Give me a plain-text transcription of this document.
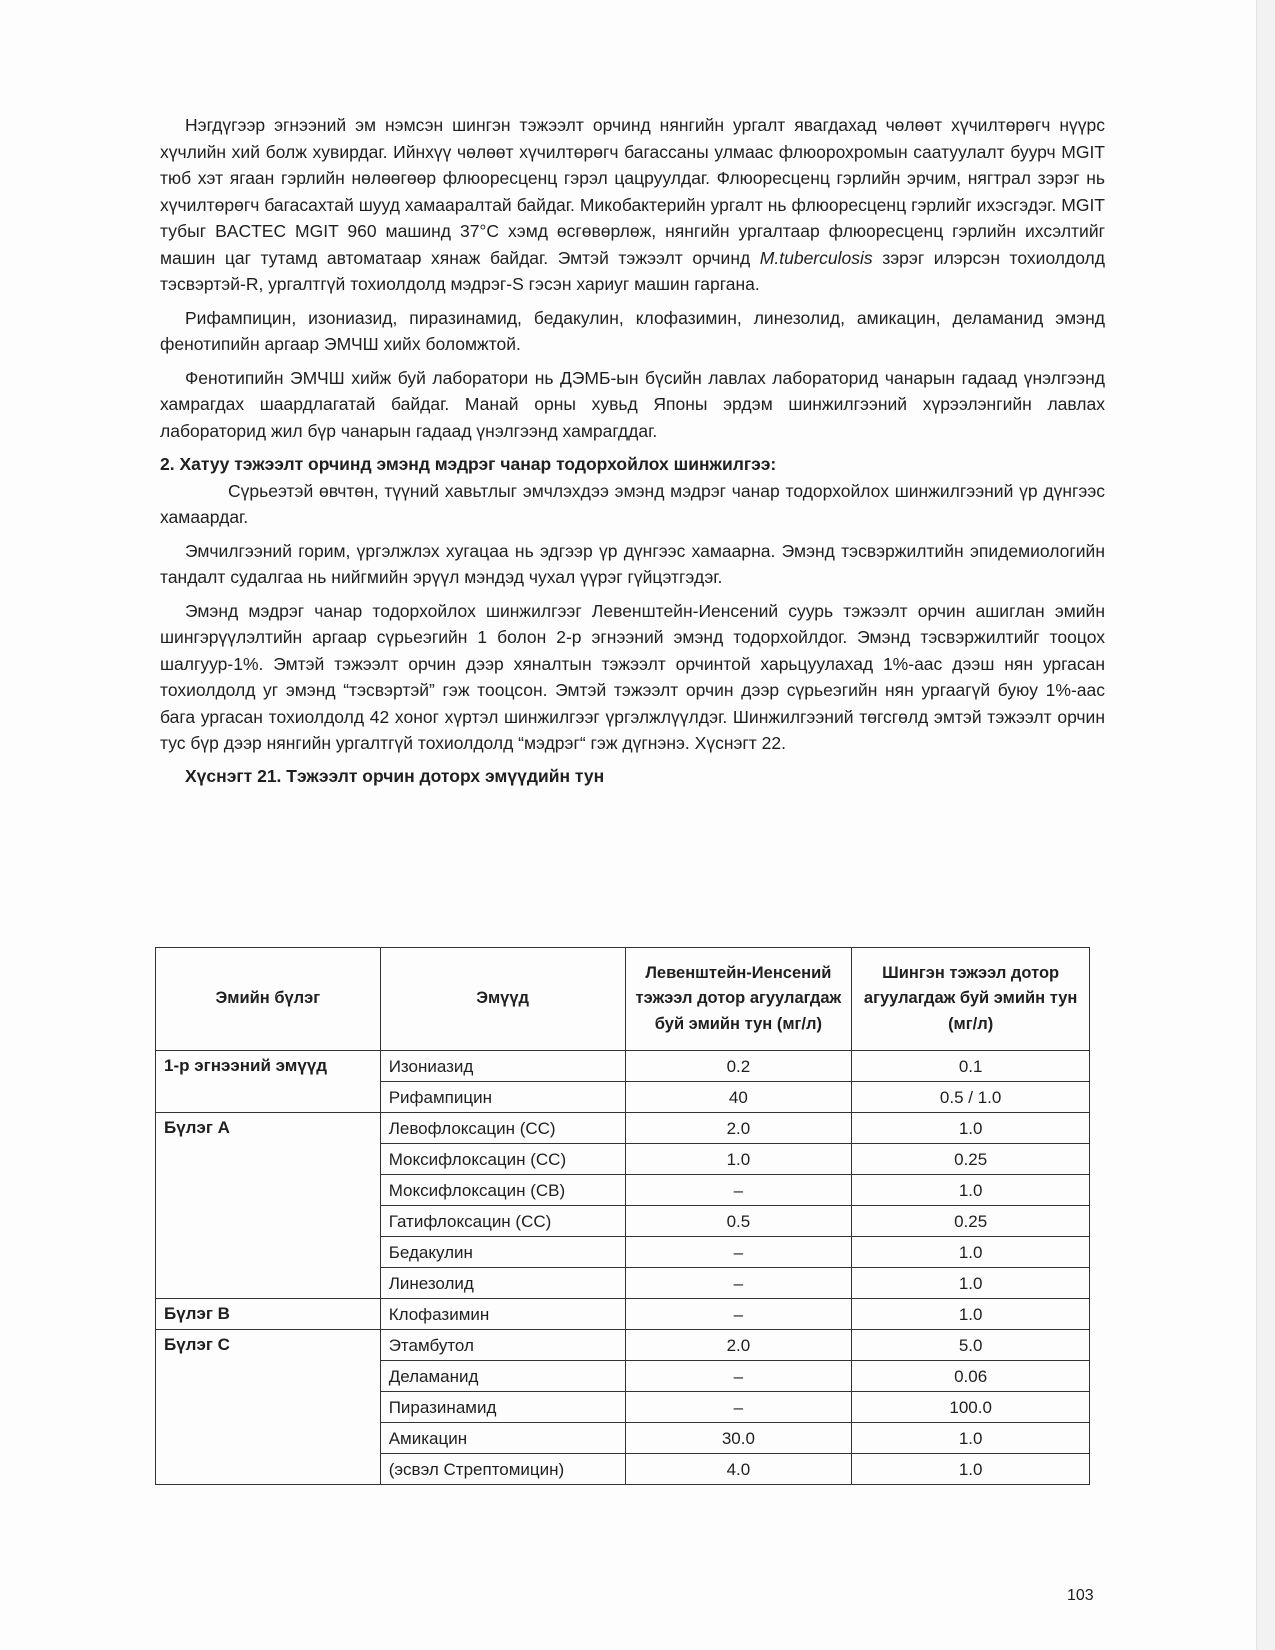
Нэгдүгээр эгнээний эм нэмсэн шингэн тэжээлт орчинд нянгийн ургалт явагдахад чөлөөт хүчилтөрөгч нүүрс хүчлийн хий болж хувирдаг. Ийнхүү чөлөөт хүчилтөрөгч багассаны улмаас флюорохромын саатуулалт буурч MGIT тюб хэт ягаан гэрлийн нөлөөгөөр флюоресценц гэрэл цацруулдаг. Флюоресценц гэрлийн эрчим, нягтрал зэрэг нь хүчилтөрөгч багасахтай шууд хамааралтай байдаг. Микобактерийн ургалт нь флюоресценц гэрлийг ихэсгэдэг. MGIT тубыг BACTEC MGIT 960 машинд 37°С хэмд өсгөвөрлөж, нянгийн ургалтаар флюоресценц гэрлийн ихсэлтийг машин цаг тутамд автоматаар хянаж байдаг. Эмтэй тэжээлт орчинд M.tuberculosis зэрэг илэрсэн тохиолдолд тэсвэртэй-R, ургалтгүй тохиолдолд мэдрэг-S гэсэн хариуг машин гаргана.

Рифампицин, изониазид, пиразинамид, бедакулин, клофазимин, линезолид, амикацин, деламанид эмэнд фенотипийн аргаар ЭМЧШ хийх боломжтой.

Фенотипийн ЭМЧШ хийж буй лаборатори нь ДЭМБ-ын бүсийн лавлах лабораторид чанарын гадаад үнэлгээнд хамрагдах шаардлагатай байдаг. Манай орны хувьд Японы эрдэм шинжилгээний хүрээлэнгийн лавлах лабораторид жил бүр чанарын гадаад үнэлгээнд хамрагддаг.

2. Хатуу тэжээлт орчинд эмэнд мэдрэг чанар тодорхойлох шинжилгээ:

Сүрьеэтэй өвчтөн, түүний хавьтлыг эмчлэхдээ эмэнд мэдрэг чанар тодорхойлох шинжилгээний үр дүнгээс хамаардаг.

Эмчилгээний горим, үргэлжлэх хугацаа нь эдгээр үр дүнгээс хамаарна. Эмэнд тэсвэржилтийн эпидемиологийн тандалт судалгаа нь нийгмийн эрүүл мэндэд чухал үүрэг гүйцэтгэдэг.

Эмэнд мэдрэг чанар тодорхойлох шинжилгээг Левенштейн-Иенсений суурь тэжээлт орчин ашиглан эмийн шингэрүүлэлтийн аргаар сүрьеэгийн 1 болон 2-р эгнээний эмэнд тодорхойлдог. Эмэнд тэсвэржилтийг тооцох шалгуур-1%. Эмтэй тэжээлт орчин дээр хяналтын тэжээлт орчинтой харьцуулахад 1%-аас дээш нян ургасан тохиолдолд уг эмэнд “тэсвэртэй” гэж тооцсон. Эмтэй тэжээлт орчин дээр сүрьеэгийн нян ургаагүй буюу 1%-аас бага ургасан тохиолдолд 42 хоног хүртэл шинжилгээг үргэлжлүүлдэг. Шинжилгээний төгсгөлд эмтэй тэжээлт орчин тус бүр дээр нянгийн ургалтгүй тохиолдолд “мэдрэг“ гэж дүгнэнэ. Хүснэгт 22.

Хүснэгт 21. Тэжээлт орчин доторх эмүүдийн тун
Эмийн бүлэг	Эмүүд	Левенштейн-Иенсений тэжээл дотор агуулагдаж буй эмийн тун (мг/л)	Шингэн тэжээл дотор агуулагдаж буй эмийн тун (мг/л)
1-р эгнээний эмүүд	Изониазид	0.2	0.1
	Рифампицин	40	0.5 / 1.0
Бүлэг А	Левофлоксацин (CC)	2.0	1.0
	Моксифлоксацин (CC)	1.0	0.25
	Моксифлоксацин (CB)	–	1.0
	Гатифлоксацин (CC)	0.5	0.25
	Бедакулин	–	1.0
	Линезолид	–	1.0
Бүлэг В	Клофазимин	–	1.0
Бүлэг С	Этамбутол	2.0	5.0
	Деламанид	–	0.06
	Пиразинамид	–	100.0
	Амикацин	30.0	1.0
	(эсвэл Стрептомицин)	4.0	1.0
103
